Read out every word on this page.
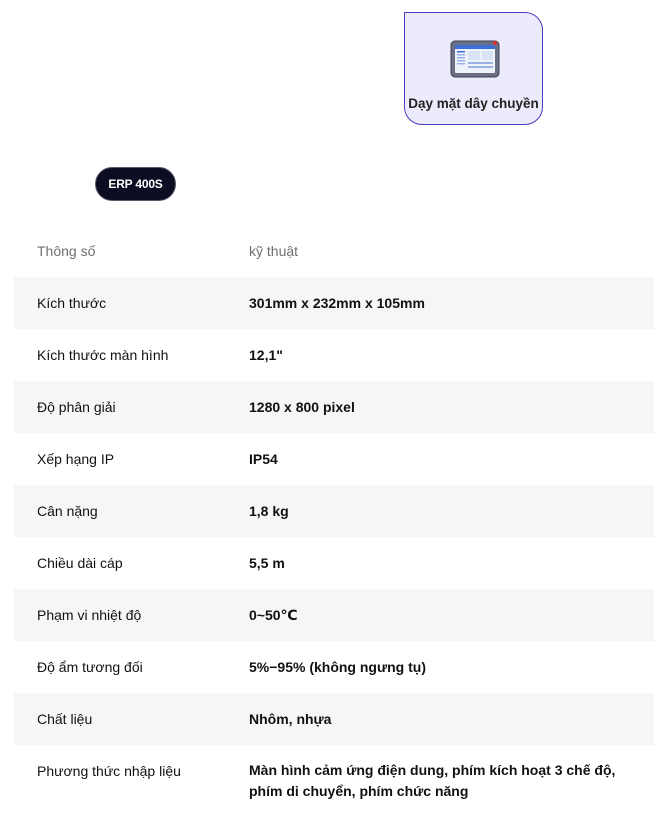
Dạy mặt dây chuyền
ERP 400S
Thông số	kỹ thuật
Kích thước	301mm x 232mm x 105mm
Kích thước màn hình	12,1"
Độ phân giải	1280 x 800 pixel
Xếp hạng IP	IP54
Cân nặng	1,8 kg
Chiều dài cáp	5,5 m
Phạm vi nhiệt độ	0~50℃
Độ ẩm tương đối	5%−95% (không ngưng tụ)
Chất liệu	Nhôm, nhựa
Phương thức nhập liệu	Màn hình cảm ứng điện dung, phím kích hoạt 3 chế độ, phím di chuyển, phím chức năng
